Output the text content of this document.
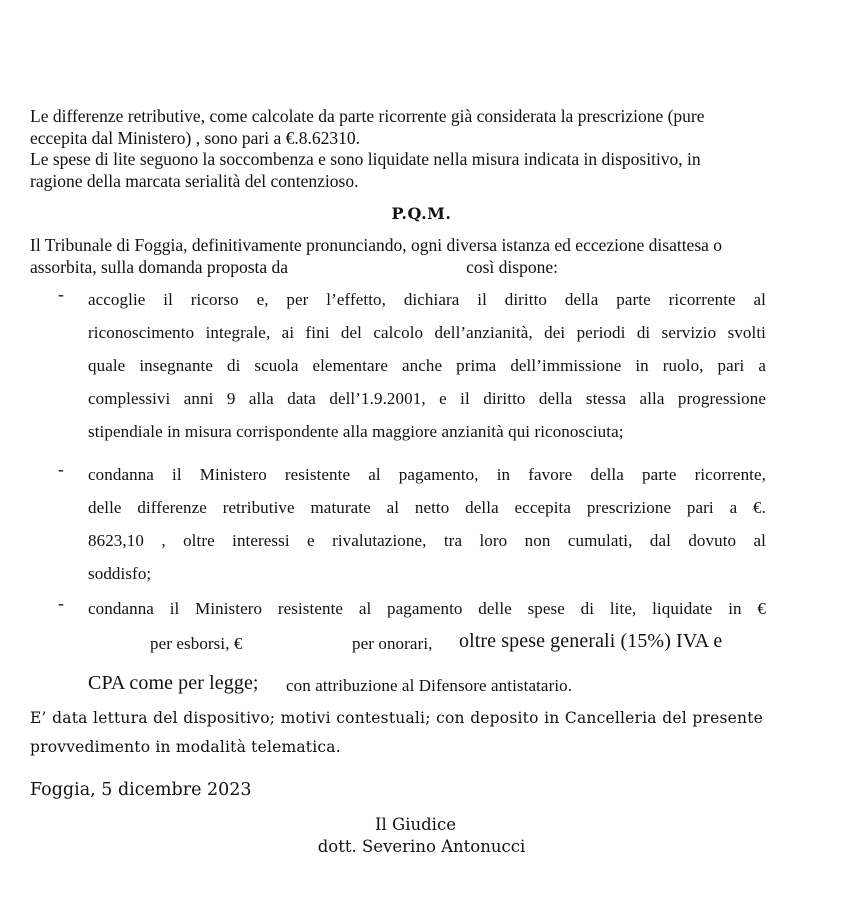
Le differenze retributive, come calcolate da parte ricorrente già considerata la prescrizione (pure
eccepita dal Ministero) , sono pari a €.8.62310.
Le spese di lite seguono la soccombenza e sono liquidate nella misura indicata in dispositivo, in
ragione della marcata serialità del contenzioso.
P.Q.M.
Il Tribunale di Foggia, definitivamente pronunciando, ogni diversa istanza ed eccezione disattesa o
assorbita, sulla domanda proposta da	così dispone:
- accoglie il ricorso e, per l’effetto, dichiara il diritto della parte ricorrente al
riconoscimento integrale, ai fini del calcolo dell’anzianità, dei periodi di servizio svolti
quale insegnante di scuola elementare anche prima dell’immissione in ruolo, pari a
complessivi anni 9 alla data dell’1.9.2001, e il diritto della stessa alla progressione
stipendiale in misura corrispondente alla maggiore anzianità qui riconosciuta;
- condanna il Ministero resistente al pagamento, in favore della parte ricorrente,
delle differenze retributive maturate al netto della eccepita prescrizione pari a €.
8623,10 , oltre interessi e rivalutazione, tra loro non cumulati, dal dovuto al
soddisfo;
- condanna il Ministero resistente al pagamento delle spese di lite, liquidate in €
per esborsi, €	per onorari, oltre spese generali (15%) IVA e
CPA come per legge; con attribuzione al Difensore antistatario.
E’ data lettura del dispositivo; motivi contestuali; con deposito in Cancelleria del presente
provvedimento in modalità telematica.
Foggia, 5 dicembre 2023
Il Giudice
dott. Severino Antonucci
